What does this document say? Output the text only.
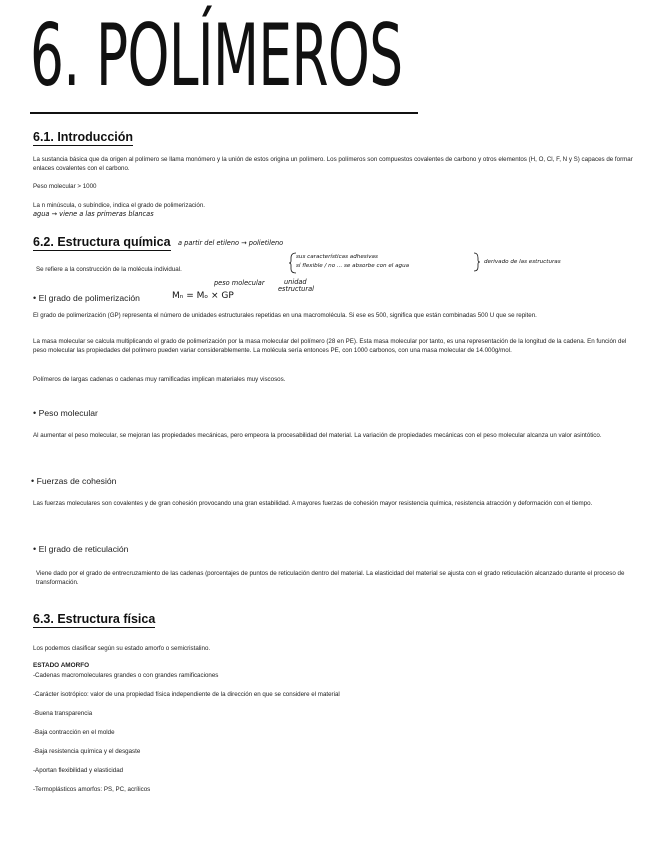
6. POLÍMEROS
6.1. Introducción
La sustancia básica que da origen al polímero se llama monómero y la unión de estos origina un polímero. Los polímeros son compuestos covalentes de carbono y otros elementos (H, O, Cl, F, N y S) capaces de formar enlaces covalentes con el carbono.
Peso molecular > 1000
La n minúscula, o subíndice, indica el grado de polimerización.
agua → viene a las primeras blancas
6.2. Estructura química a partir del etileno → polietileno
sus características adhesivas
sí flexible / no ... se absorbe con el agua
derivado de las estructuras
Se refiere a la construcción de la molécula individual.
• El grado de polimerización	Mₙ = Mₒ × GP
peso molecular	unidad
estructural
El grado de polimerización (GP) representa el número de unidades estructurales repetidas en una macromolécula. Si ese es 500, significa que están combinadas 500 U que se repiten.
La masa molecular se calcula multiplicando el grado de polimerización por la masa molecular del polímero (28 en PE). Esta masa molecular por tanto, es una representación de la longitud de la cadena. En función del peso molecular las propiedades del polímero pueden variar considerablemente. La molécula sería entonces PE, con 1000 carbonos, con una masa molecular de 14.000g/mol.
Polímeros de largas cadenas o cadenas muy ramificadas implican materiales muy viscosos.
• Peso molecular
Al aumentar el peso molecular, se mejoran las propiedades mecánicas, pero empeora la procesabilidad del material. La variación de propiedades mecánicas con el peso molecular alcanza un valor asintótico.
• Fuerzas de cohesión
Las fuerzas moleculares son covalentes y de gran cohesión provocando una gran estabilidad. A mayores fuerzas de cohesión mayor resistencia química, resistencia atracción y deformación con el tiempo.
• El grado de reticulación
Viene dado por el grado de entrecruzamiento de las cadenas (porcentajes de puntos de reticulación dentro del material. La elasticidad del material se ajusta con el grado reticulación alcanzado durante el proceso de transformación.
6.3. Estructura física
Los podemos clasificar según su estado amorfo o semicristalino.
ESTADO AMORFO
-Cadenas macromoleculares grandes o con grandes ramificaciones
-Carácter isotrópico: valor de una propiedad física independiente de la dirección en que se considere el material
-Buena transparencia
-Baja contracción en el molde
-Baja resistencia química y el desgaste
-Aportan flexibilidad y elasticidad
-Termoplásticos amorfos: PS, PC, acrílicos
